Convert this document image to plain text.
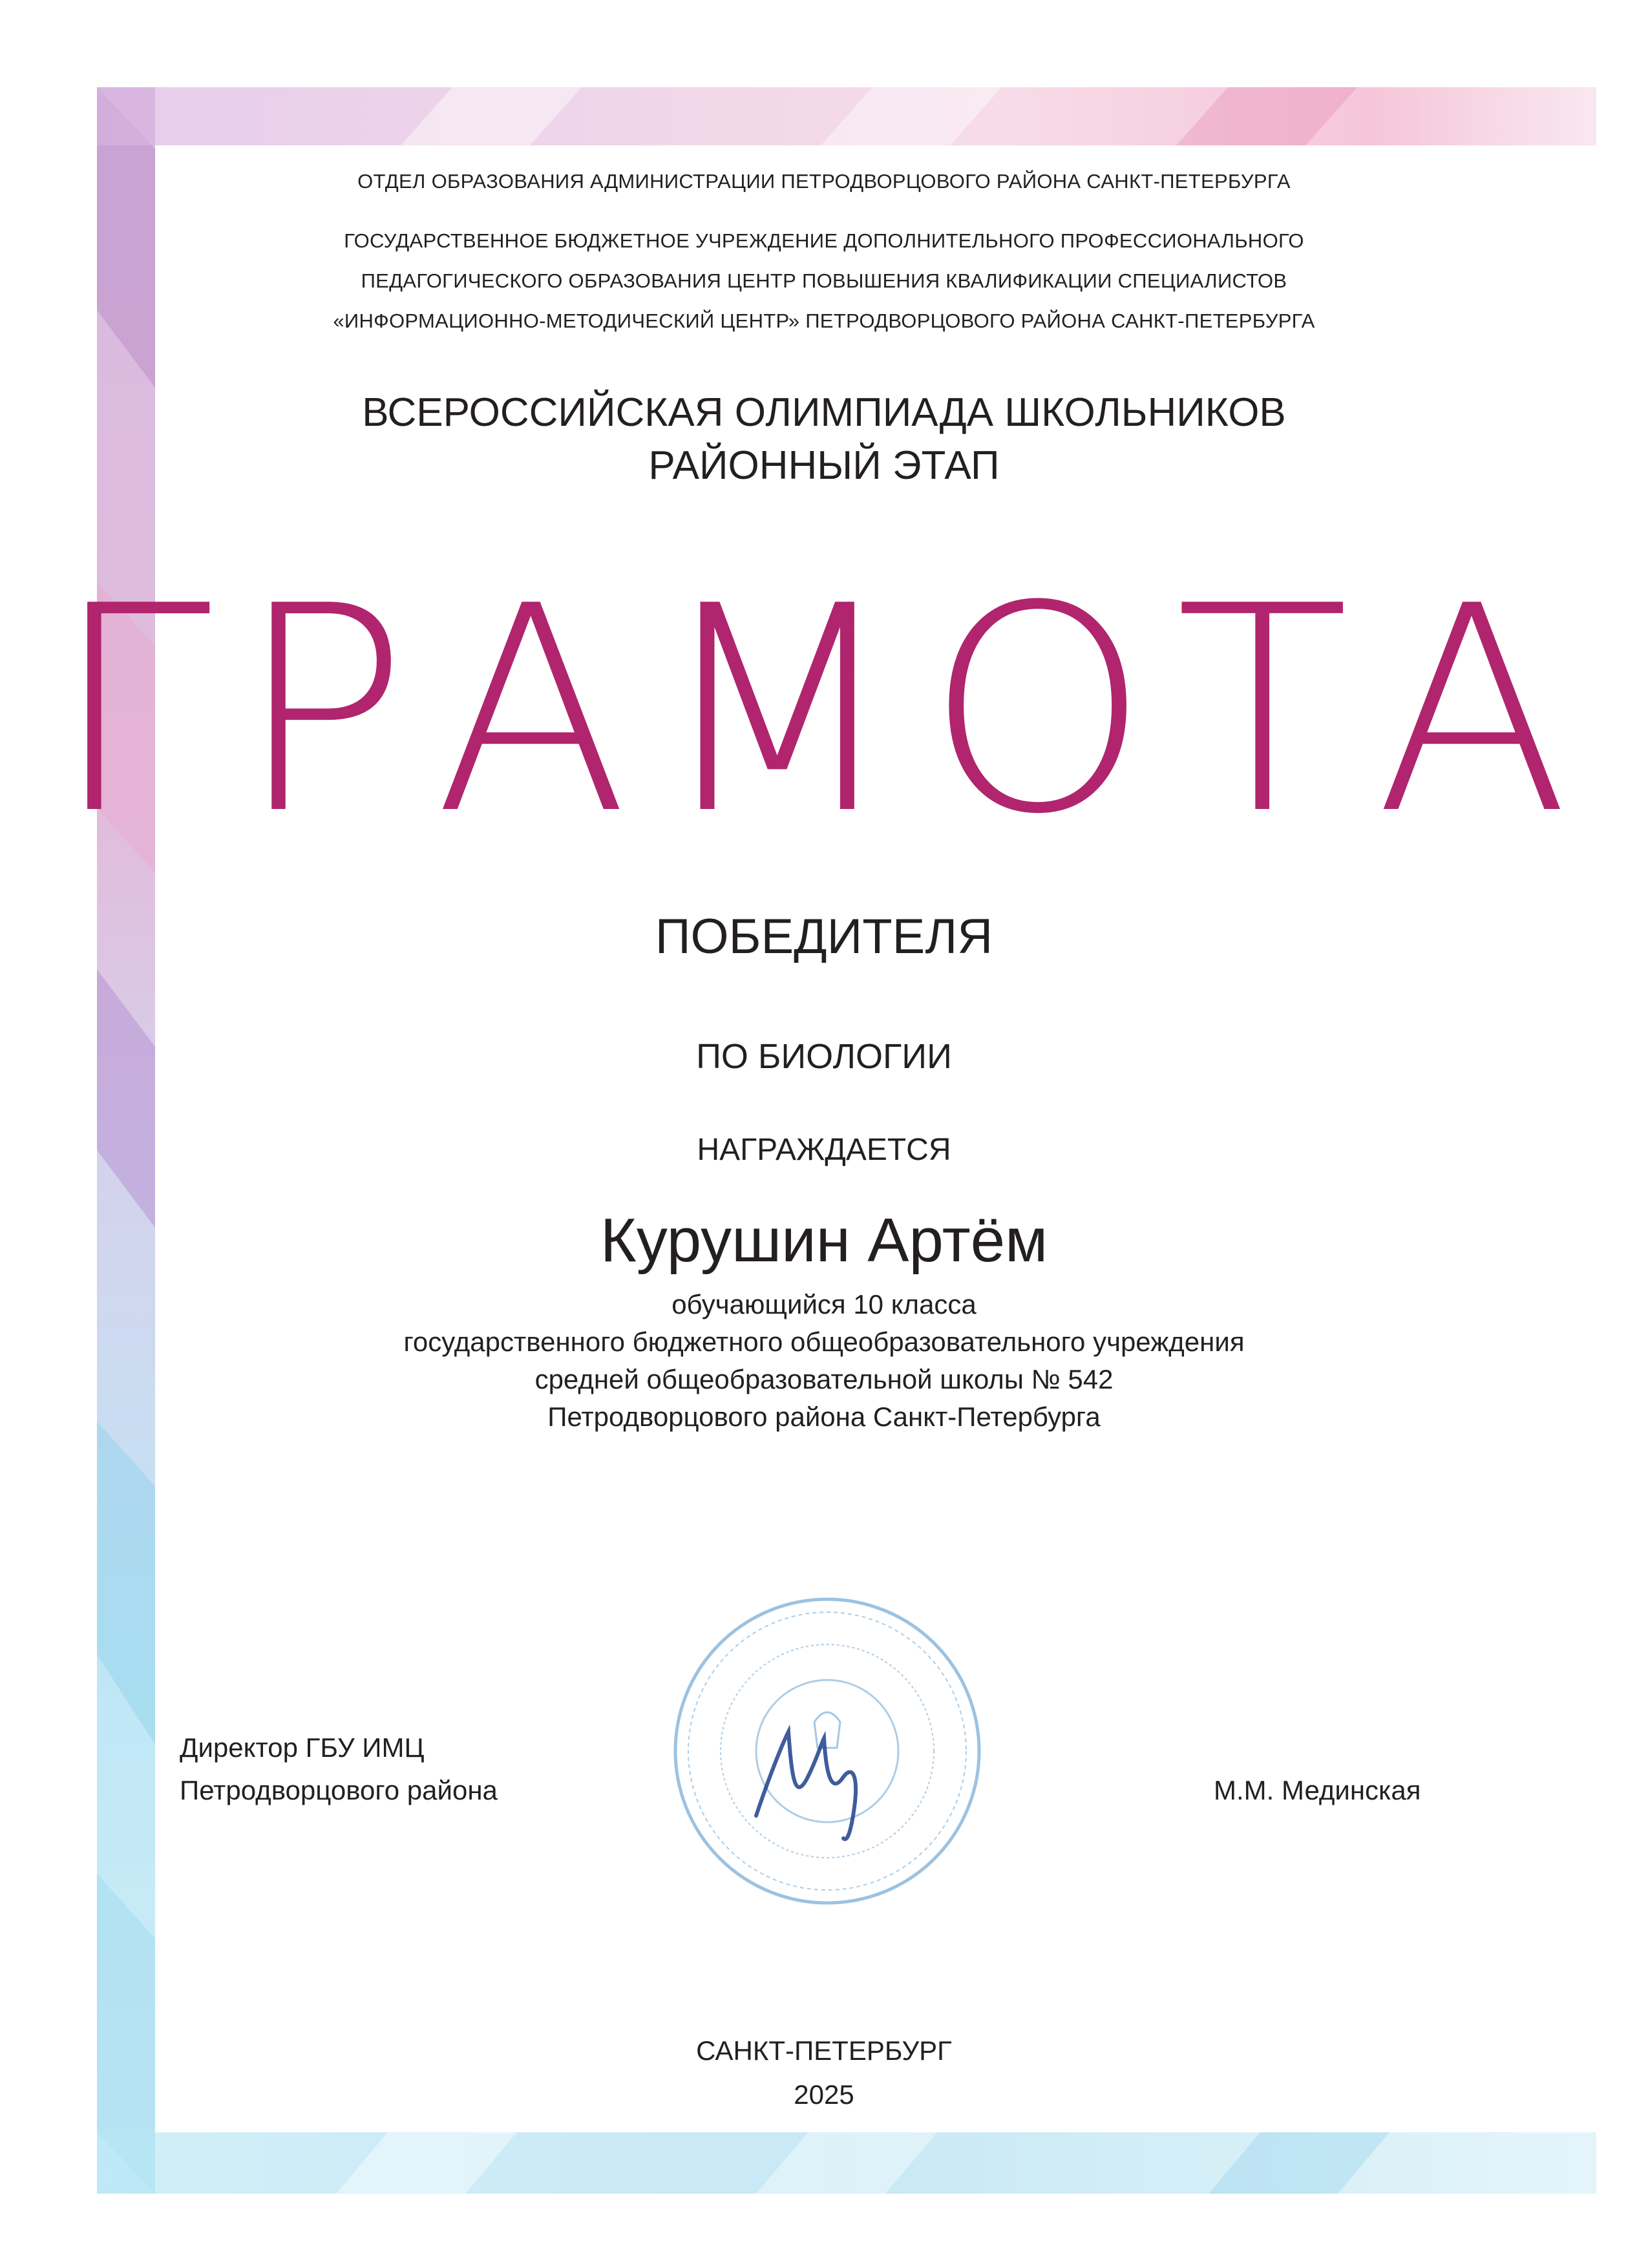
ОТДЕЛ ОБРАЗОВАНИЯ АДМИНИСТРАЦИИ ПЕТРОДВОРЦОВОГО РАЙОНА САНКТ-ПЕТЕРБУРГА
ГОСУДАРСТВЕННОЕ БЮДЖЕТНОЕ УЧРЕЖДЕНИЕ ДОПОЛНИТЕЛЬНОГО ПРОФЕССИОНАЛЬНОГО
ПЕДАГОГИЧЕСКОГО ОБРАЗОВАНИЯ ЦЕНТР ПОВЫШЕНИЯ КВАЛИФИКАЦИИ СПЕЦИАЛИСТОВ
«ИНФОРМАЦИОННО-МЕТОДИЧЕСКИЙ ЦЕНТР» ПЕТРОДВОРЦОВОГО РАЙОНА САНКТ-ПЕТЕРБУРГА
ВСЕРОССИЙСКАЯ ОЛИМПИАДА ШКОЛЬНИКОВ
РАЙОННЫЙ ЭТАП
ГРАМОТА
ПОБЕДИТЕЛЯ
ПО БИОЛОГИИ
НАГРАЖДАЕТСЯ
Курушин Артём
обучающийся 10 класса
государственного бюджетного общеобразовательного учреждения
средней общеобразовательной школы № 542
Петродворцового района Санкт-Петербурга
Директор ГБУ ИМЦ
Петродворцового района	М.М. Мединская
САНКТ-ПЕТЕРБУРГ
2025
